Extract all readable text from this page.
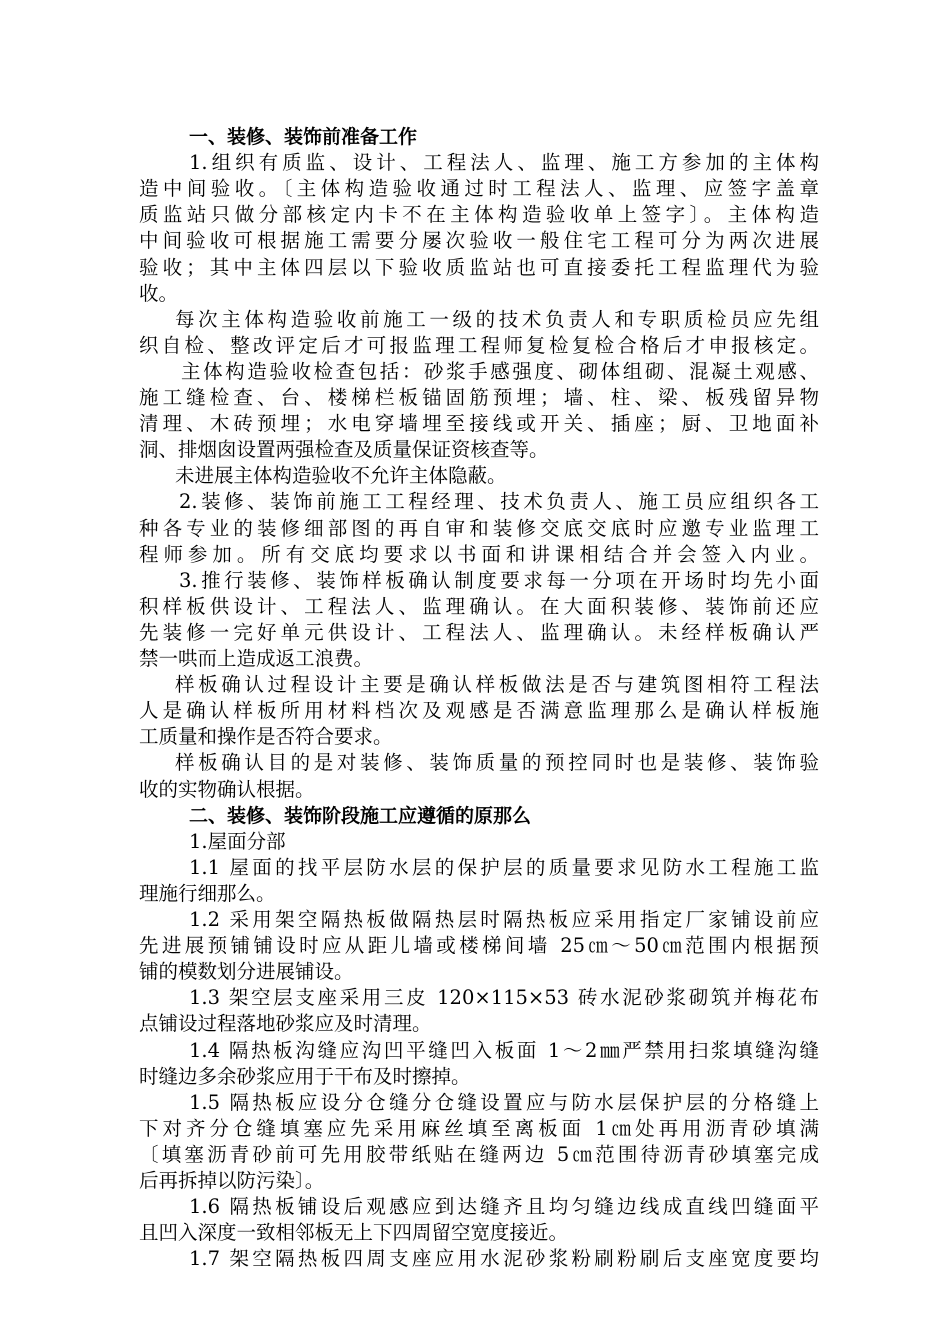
一、装修、装饰前准备工作
1.组织有质监、设计、工程法人、监理、施工方参加的主体构
造中间验收。〔主体构造验收通过时工程法人、监理、应签字盖章
质监站只做分部核定内卡不在主体构造验收单上签字〕。主体构造
中间验收可根据施工需要分屡次验收一般住宅工程可分为两次进展
验收；其中主体四层以下验收质监站也可直接委托工程监理代为验
收。
每次主体构造验收前施工一级的技术负责人和专职质检员应先组
织自检、整改评定后才可报监理工程师复检复检合格后才申报核定。
主体构造验收检查包括：砂浆手感强度、砌体组砌、混凝土观感、
施工缝检查、台、楼梯栏板锚固筋预埋；墙、柱、梁、板残留异物
清理、木砖预埋；水电穿墙埋至接线或开关、插座；厨、卫地面补
洞、排烟囱设置两强检查及质量保证资核查等。
未进展主体构造验收不允许主体隐蔽。
2.装修、装饰前施工工程经理、技术负责人、施工员应组织各工
种各专业的装修细部图的再自审和装修交底交底时应邀专业监理工
程师参加。所有交底均要求以书面和讲课相结合并会签入内业。
3.推行装修、装饰样板确认制度要求每一分项在开场时均先小面
积样板供设计、工程法人、监理确认。在大面积装修、装饰前还应
先装修一完好单元供设计、工程法人、监理确认。未经样板确认严
禁一哄而上造成返工浪费。
样板确认过程设计主要是确认样板做法是否与建筑图相符工程法
人是确认样板所用材料档次及观感是否满意监理那么是确认样板施
工质量和操作是否符合要求。
样板确认目的是对装修、装饰质量的预控同时也是装修、装饰验
收的实物确认根据。
二、装修、装饰阶段施工应遵循的原那么
1.屋面分部
1.1 屋面的找平层防水层的保护层的质量要求见防水工程施工监
理施行细那么。
1.2 采用架空隔热板做隔热层时隔热板应采用指定厂家铺设前应
先进展预铺铺设时应从距儿墙或楼梯间墙 25㎝～50㎝范围内根据预
铺的模数划分进展铺设。
1.3 架空层支座采用三皮 120×115×53 砖水泥砂浆砌筑并梅花布
点铺设过程落地砂浆应及时清理。
1.4 隔热板沟缝应沟凹平缝凹入板面 1～2㎜严禁用扫浆填缝沟缝
时缝边多余砂浆应用于干布及时擦掉。
1.5 隔热板应设分仓缝分仓缝设置应与防水层保护层的分格缝上
下对齐分仓缝填塞应先采用麻丝填至离板面 1㎝处再用沥青砂填满
〔填塞沥青砂前可先用胶带纸贴在缝两边 5㎝范围待沥青砂填塞完成
后再拆掉以防污染〕。
1.6 隔热板铺设后观感应到达缝齐且均匀缝边线成直线凹缝面平
且凹入深度一致相邻板无上下四周留空宽度接近。
1.7 架空隔热板四周支座应用水泥砂浆粉刷粉刷后支座宽度要均
